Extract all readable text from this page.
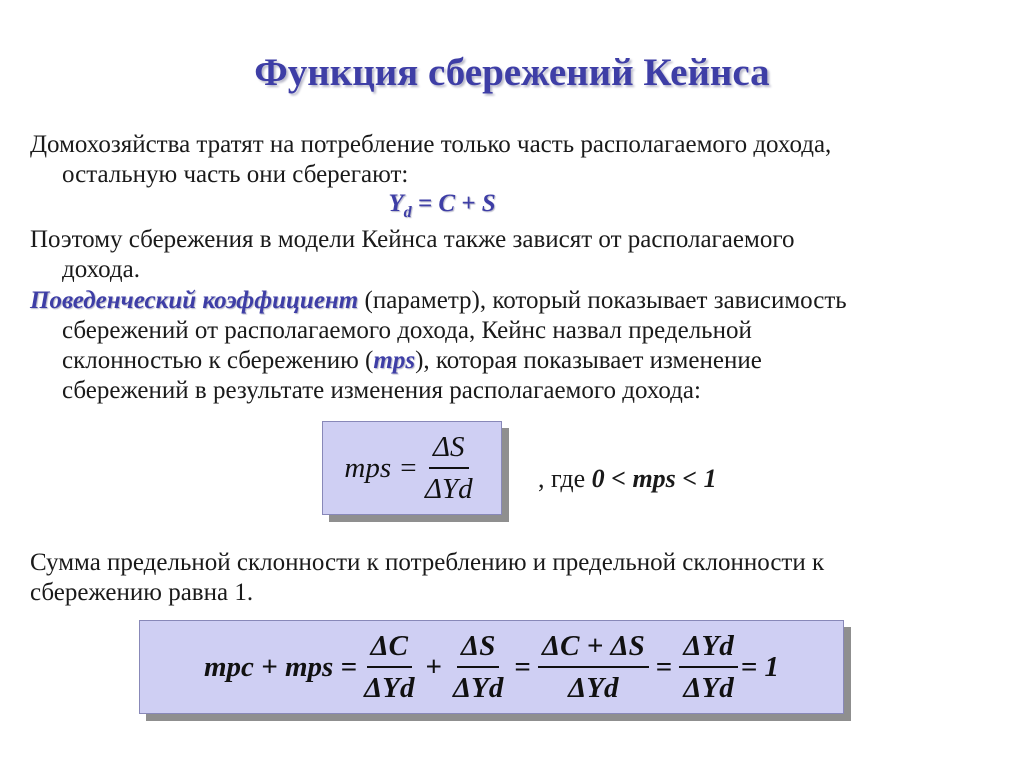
Функция сбережений Кейнса
Домохозяйства тратят на потребление только часть располагаемого дохода,
остальную часть они сберегают:
$Y_d = C + S$
Поэтому сбережения в модели Кейнса также зависят от располагаемого
дохода.
Поведенческий коэффициент (параметр), который показывает зависимость
сбережений от располагаемого дохода, Кейнс назвал предельной
склонностью к сбережению (mps), которая показывает изменение
сбережений в результате изменения располагаемого дохода:
mps = $\frac{\Delta S}{\text{ΔYd}}$ , где 0 < mps < 1
Сумма предельной склонности к потреблению и предельной склонности к
сбережению равна 1.
mpc + mps = $\frac{\Delta C}{\text{ΔYd}} + \frac{\Delta S}{\text{ΔYd}} = \frac{\Delta C + \Delta S}{\text{ΔYd}} = \frac{\text{ΔYd}}{\text{ΔYd}} = 1$
